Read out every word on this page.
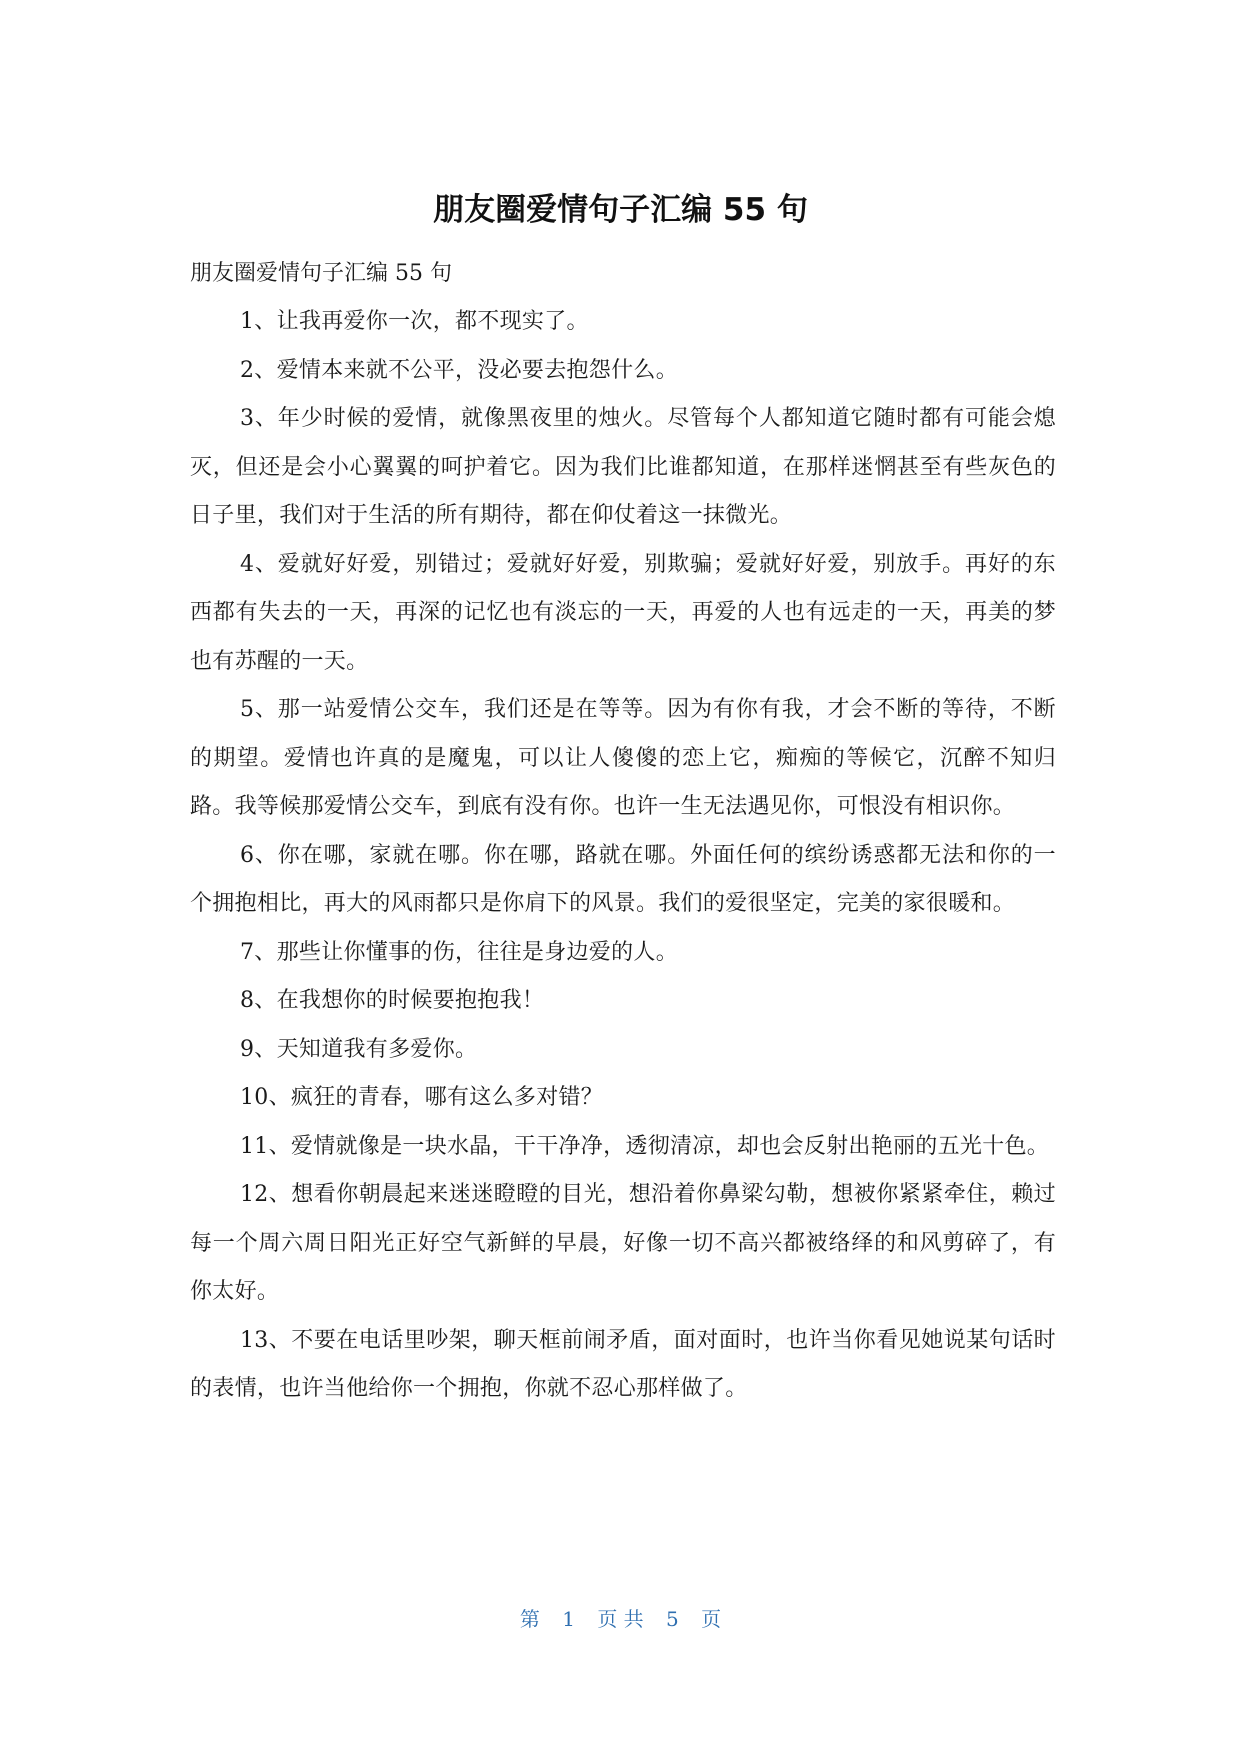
朋友圈爱情句子汇编 55 句

朋友圈爱情句子汇编 55 句

1、让我再爱你一次，都不现实了。

2、爱情本来就不公平，没必要去抱怨什么。

3、年少时候的爱情，就像黑夜里的烛火。尽管每个人都知道它随时都有可能会熄灭，但还是会小心翼翼的呵护着它。因为我们比谁都知道，在那样迷惘甚至有些灰色的日子里，我们对于生活的所有期待，都在仰仗着这一抹微光。

4、爱就好好爱，别错过；爱就好好爱，别欺骗；爱就好好爱，别放手。再好的东西都有失去的一天，再深的记忆也有淡忘的一天，再爱的人也有远走的一天，再美的梦也有苏醒的一天。

5、那一站爱情公交车，我们还是在等等。因为有你有我，才会不断的等待，不断的期望。爱情也许真的是魔鬼，可以让人傻傻的恋上它，痴痴的等候它，沉醉不知归路。我等候那爱情公交车，到底有没有你。也许一生无法遇见你，可恨没有相识你。

6、你在哪，家就在哪。你在哪，路就在哪。外面任何的缤纷诱惑都无法和你的一个拥抱相比，再大的风雨都只是你肩下的风景。我们的爱很坚定，完美的家很暖和。

7、那些让你懂事的伤，往往是身边爱的人。

8、在我想你的时候要抱抱我！

9、天知道我有多爱你。

10、疯狂的青春，哪有这么多对错？

11、爱情就像是一块水晶，干干净净，透彻清凉，却也会反射出艳丽的五光十色。

12、想看你朝晨起来迷迷瞪瞪的目光，想沿着你鼻梁勾勒，想被你紧紧牵住，赖过每一个周六周日阳光正好空气新鲜的早晨，好像一切不高兴都被络绎的和风剪碎了，有你太好。

13、不要在电话里吵架，聊天框前闹矛盾，面对面时，也许当你看见她说某句话时的表情，也许当他给你一个拥抱，你就不忍心那样做了。

第 1 页 共 5 页
